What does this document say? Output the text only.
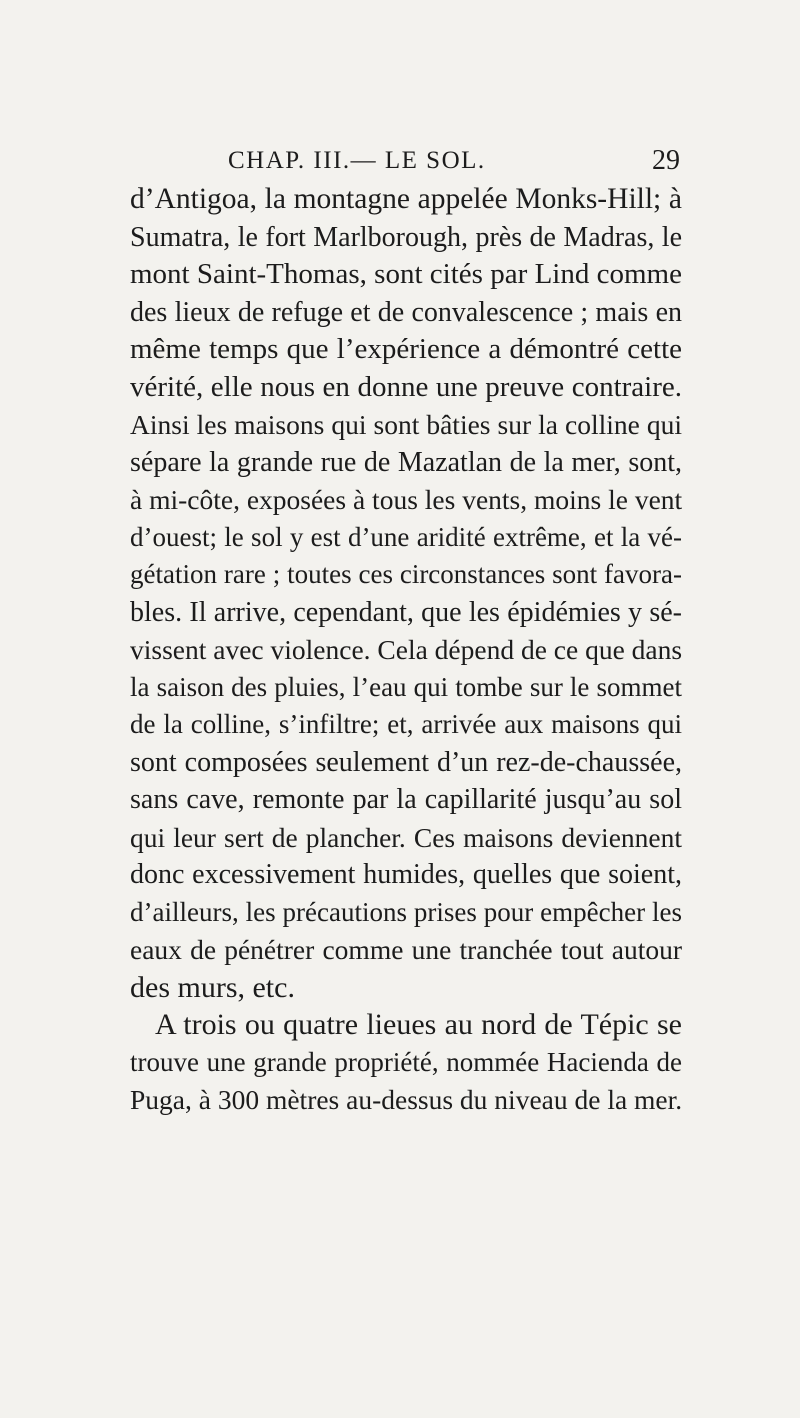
CHAP. III.— LE SOL.	29
d’Antigoa, la montagne appelée Monks-Hill; à
Sumatra, le fort Marlborough, près de Madras, le
mont Saint-Thomas, sont cités par Lind comme
des lieux de refuge et de convalescence ; mais en
même temps que l’expérience a démontré cette
vérité, elle nous en donne une preuve contraire.
Ainsi les maisons qui sont bâties sur la colline qui
sépare la grande rue de Mazatlan de la mer, sont,
à mi-côte, exposées à tous les vents, moins le vent
d’ouest; le sol y est d’une aridité extrême, et la vé-
gétation rare ; toutes ces circonstances sont favora-
bles. Il arrive, cependant, que les épidémies y sé-
vissent avec violence. Cela dépend de ce que dans
la saison des pluies, l’eau qui tombe sur le sommet
de la colline, s’infiltre; et, arrivée aux maisons qui
sont composées seulement d’un rez-de-chaussée,
sans cave, remonte par la capillarité jusqu’au sol
qui leur sert de plancher. Ces maisons deviennent
donc excessivement humides, quelles que soient,
d’ailleurs, les précautions prises pour empêcher les
eaux de pénétrer comme une tranchée tout autour
des murs, etc.
A trois ou quatre lieues au nord de Tépic se
trouve une grande propriété, nommée Hacienda de
Puga, à 300 mètres au-dessus du niveau de la mer.
